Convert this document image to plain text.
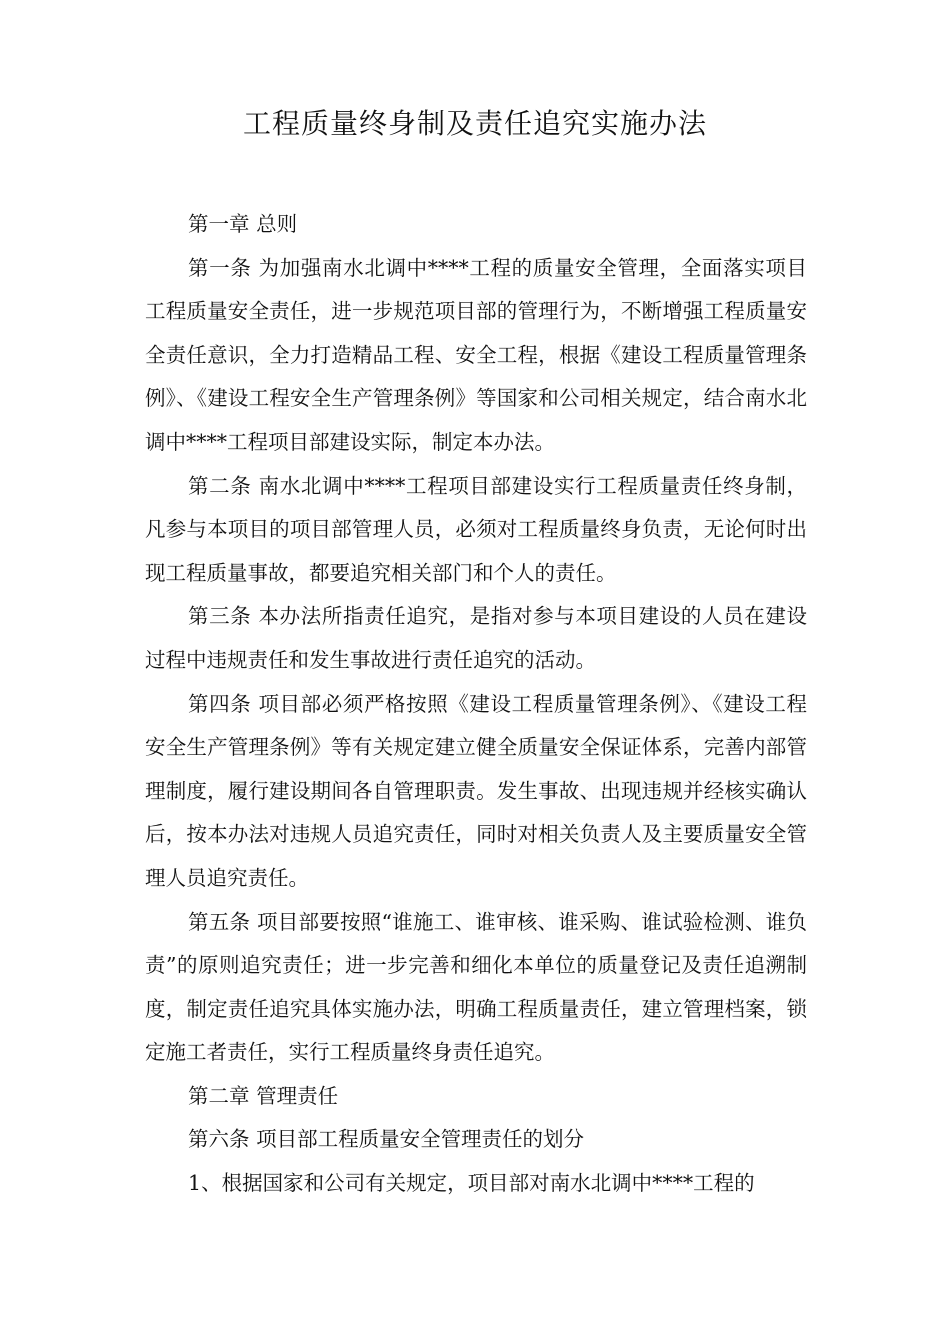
工程质量终身制及责任追究实施办法

第一章 总则

第一条 为加强南水北调中****工程的质量安全管理，全面落实项目工程质量安全责任，进一步规范项目部的管理行为，不断增强工程质量安全责任意识，全力打造精品工程、安全工程，根据《建设工程质量管理条例》、《建设工程安全生产管理条例》等国家和公司相关规定，结合南水北调中****工程项目部建设实际，制定本办法。

第二条 南水北调中****工程项目部建设实行工程质量责任终身制，凡参与本项目的项目部管理人员，必须对工程质量终身负责，无论何时出现工程质量事故，都要追究相关部门和个人的责任。

第三条 本办法所指责任追究，是指对参与本项目建设的人员在建设过程中违规责任和发生事故进行责任追究的活动。

第四条 项目部必须严格按照《建设工程质量管理条例》、《建设工程安全生产管理条例》等有关规定建立健全质量安全保证体系，完善内部管理制度，履行建设期间各自管理职责。发生事故、出现违规并经核实确认后，按本办法对违规人员追究责任，同时对相关负责人及主要质量安全管理人员追究责任。

第五条 项目部要按照“谁施工、谁审核、谁采购、谁试验检测、谁负责”的原则追究责任；进一步完善和细化本单位的质量登记及责任追溯制度，制定责任追究具体实施办法，明确工程质量责任，建立管理档案，锁定施工者责任，实行工程质量终身责任追究。

第二章 管理责任

第六条 项目部工程质量安全管理责任的划分

1、根据国家和公司有关规定，项目部对南水北调中****工程的
